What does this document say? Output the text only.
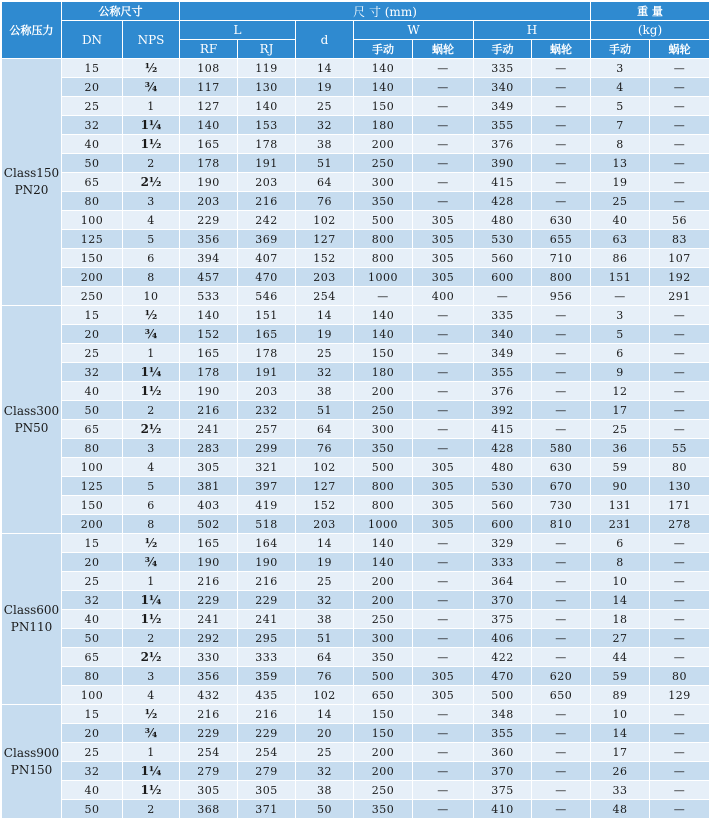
公称压力	公称尺寸		尺 寸 (mm)							重 量	

	DN	NPS	L		d	W		H		(kg)	
			RF	RJ		手动	蜗轮	手动	蜗轮	手动	蜗轮

Class150
PN20	15	½	108	119	14	140	—	335	—	3	—
	20	¾	117	130	19	140	—	340	—	4	—
	25	1	127	140	25	150	—	349	—	5	—
	32	1¼	140	153	32	180	—	355	—	7	—
	40	1½	165	178	38	200	—	376	—	8	—
	50	2	178	191	51	250	—	390	—	13	—
	65	2½	190	203	64	300	—	415	—	19	—
	80	3	203	216	76	350	—	428	—	25	—
	100	4	229	242	102	500	305	480	630	40	56
	125	5	356	369	127	800	305	530	655	63	83
	150	6	394	407	152	800	305	560	710	86	107
	200	8	457	470	203	1000	305	600	800	151	192
	250	10	533	546	254	—	400	—	956	—	291

Class300
PN50	15	½	140	151	14	140	—	335	—	3	—
	20	¾	152	165	19	140	—	340	—	5	—
	25	1	165	178	25	150	—	349	—	6	—
	32	1¼	178	191	32	180	—	355	—	9	—
	40	1½	190	203	38	200	—	376	—	12	—
	50	2	216	232	51	250	—	392	—	17	—
	65	2½	241	257	64	300	—	415	—	25	—
	80	3	283	299	76	350	—	428	580	36	55
	100	4	305	321	102	500	305	480	630	59	80
	125	5	381	397	127	800	305	530	670	90	130
	150	6	403	419	152	800	305	560	730	131	171
	200	8	502	518	203	1000	305	600	810	231	278

Class600
PN110	15	½	165	164	14	140	—	329	—	6	—
	20	¾	190	190	19	140	—	333	—	8	—
	25	1	216	216	25	200	—	364	—	10	—
	32	1¼	229	229	32	200	—	370	—	14	—
	40	1½	241	241	38	250	—	375	—	18	—
	50	2	292	295	51	300	—	406	—	27	—
	65	2½	330	333	64	350	—	422	—	44	—
	80	3	356	359	76	500	305	470	620	59	80
	100	4	432	435	102	650	305	500	650	89	129

Class900
PN150	15	½	216	216	14	150	—	348	—	10	—
	20	¾	229	229	20	150	—	355	—	14	—
	25	1	254	254	25	200	—	360	—	17	—
	32	1¼	279	279	32	200	—	370	—	26	—
	40	1½	305	305	38	250	—	375	—	33	—
	50	2	368	371	50	350	—	410	—	48	—
